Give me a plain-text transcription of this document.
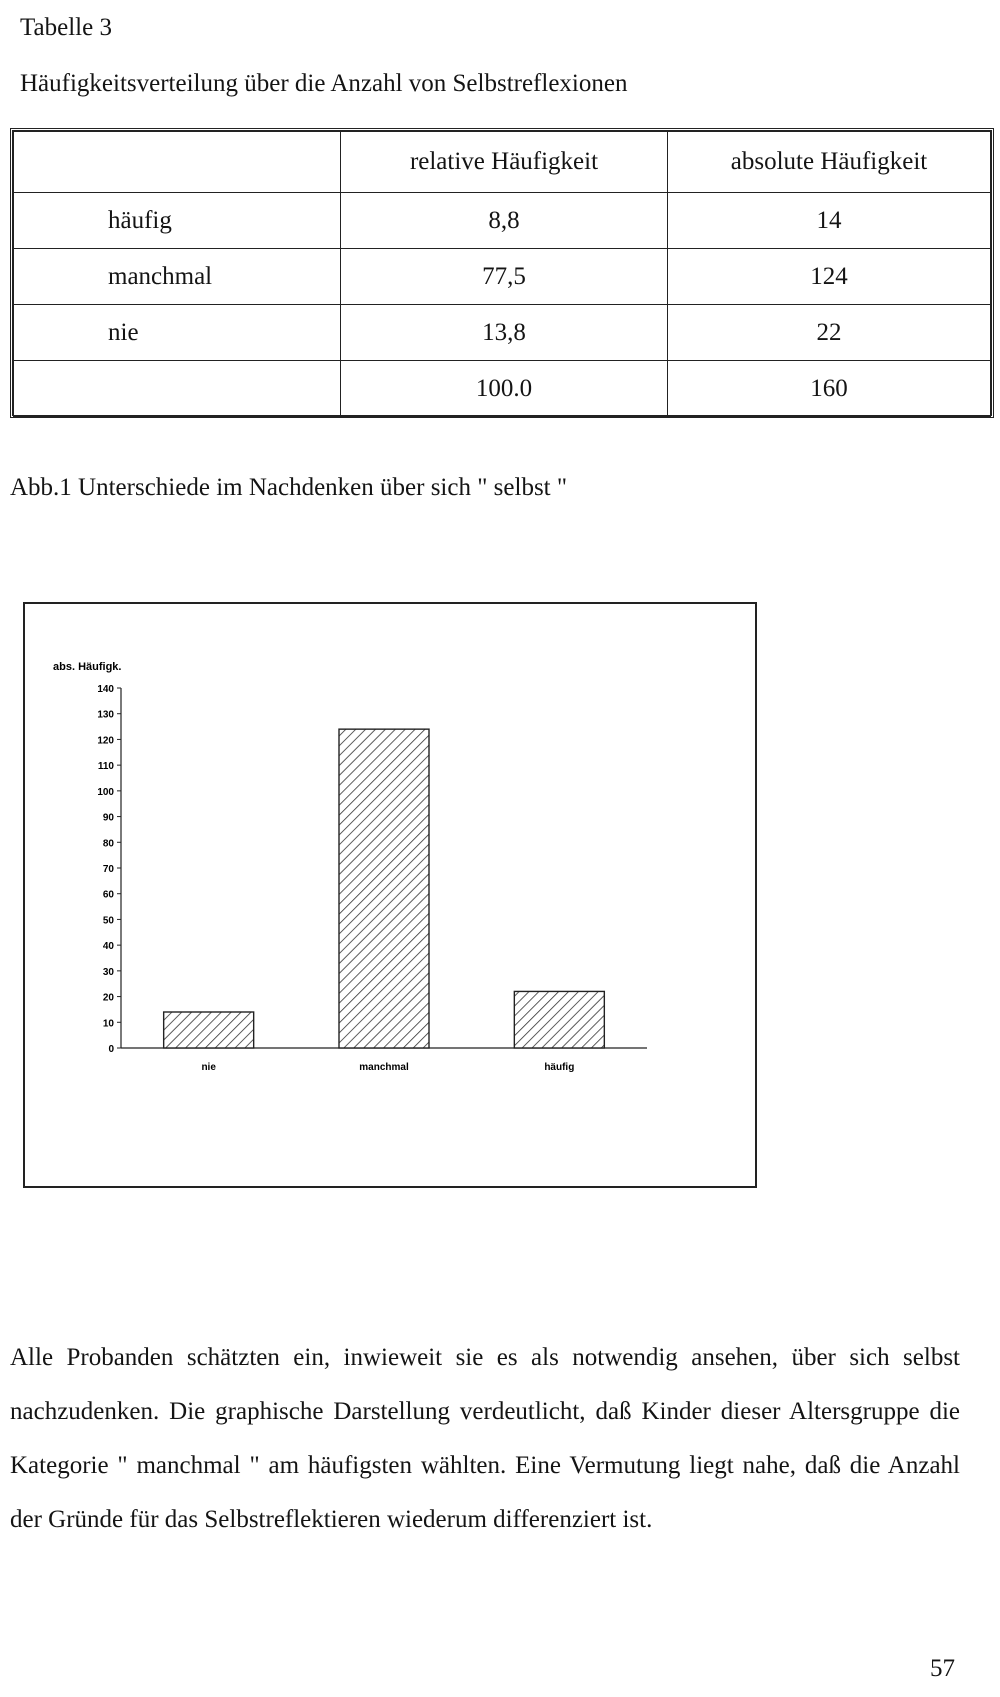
Tabelle 3
Häufigkeitsverteilung über die Anzahl von Selbstreflexionen
	relative Häufigkeit	absolute Häufigkeit
häufig	8,8	14
manchmal	77,5	124
nie	13,8	22
	100.0	160
Abb.1 Unterschiede im Nachdenken über sich " selbst "
abs. Häufigk.
0
10
20
30
40
50
60
70
80
90
100
110
120
130
140
nie	manchmal	häufig
Alle Probanden schätzten ein, inwieweit sie es als notwendig ansehen, über sich selbst nachzudenken. Die graphische Darstellung verdeutlicht, daß Kinder dieser Altersgruppe die Kategorie " manchmal " am häufigsten wählten. Eine Vermutung liegt nahe, daß die Anzahl der Gründe für das Selbstreflektieren wiederum differenziert ist.
57
